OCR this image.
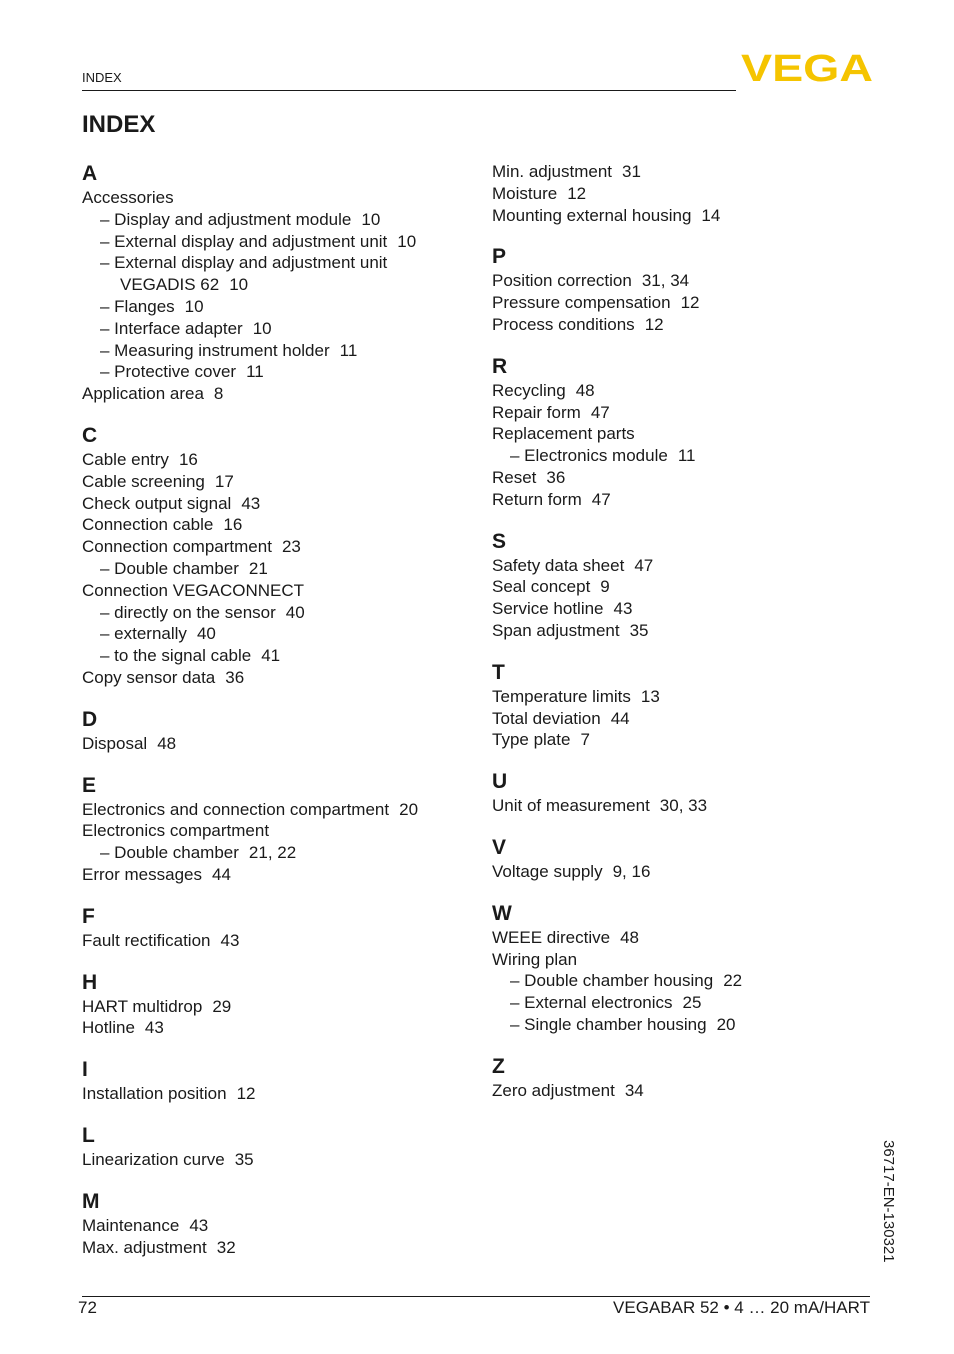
INDEX	VEGA
INDEX
A
Accessories
– Display and adjustment module 10
– External display and adjustment unit 10
– External display and adjustment unit
VEGADIS 62 10
– Flanges 10
– Interface adapter 10
– Measuring instrument holder 11
– Protective cover 11
Application area 8
C
Cable entry 16
Cable screening 17
Check output signal 43
Connection cable 16
Connection compartment 23
– Double chamber 21
Connection VEGACONNECT
– directly on the sensor 40
– externally 40
– to the signal cable 41
Copy sensor data 36
D
Disposal 48
E
Electronics and connection compartment 20
Electronics compartment
– Double chamber 21, 22
Error messages 44
F
Fault rectification 43
H
HART multidrop 29
Hotline 43
I
Installation position 12
L
Linearization curve 35
M
Maintenance 43
Max. adjustment 32
Min. adjustment 31
Moisture 12
Mounting external housing 14
P
Position correction 31, 34
Pressure compensation 12
Process conditions 12
R
Recycling 48
Repair form 47
Replacement parts
– Electronics module 11
Reset 36
Return form 47
S
Safety data sheet 47
Seal concept 9
Service hotline 43
Span adjustment 35
T
Temperature limits 13
Total deviation 44
Type plate 7
U
Unit of measurement 30, 33
V
Voltage supply 9, 16
W
WEEE directive 48
Wiring plan
– Double chamber housing 22
– External electronics 25
– Single chamber housing 20
Z
Zero adjustment 34
72	VEGABAR 52 • 4 … 20 mA/HART
36717-EN-130321
